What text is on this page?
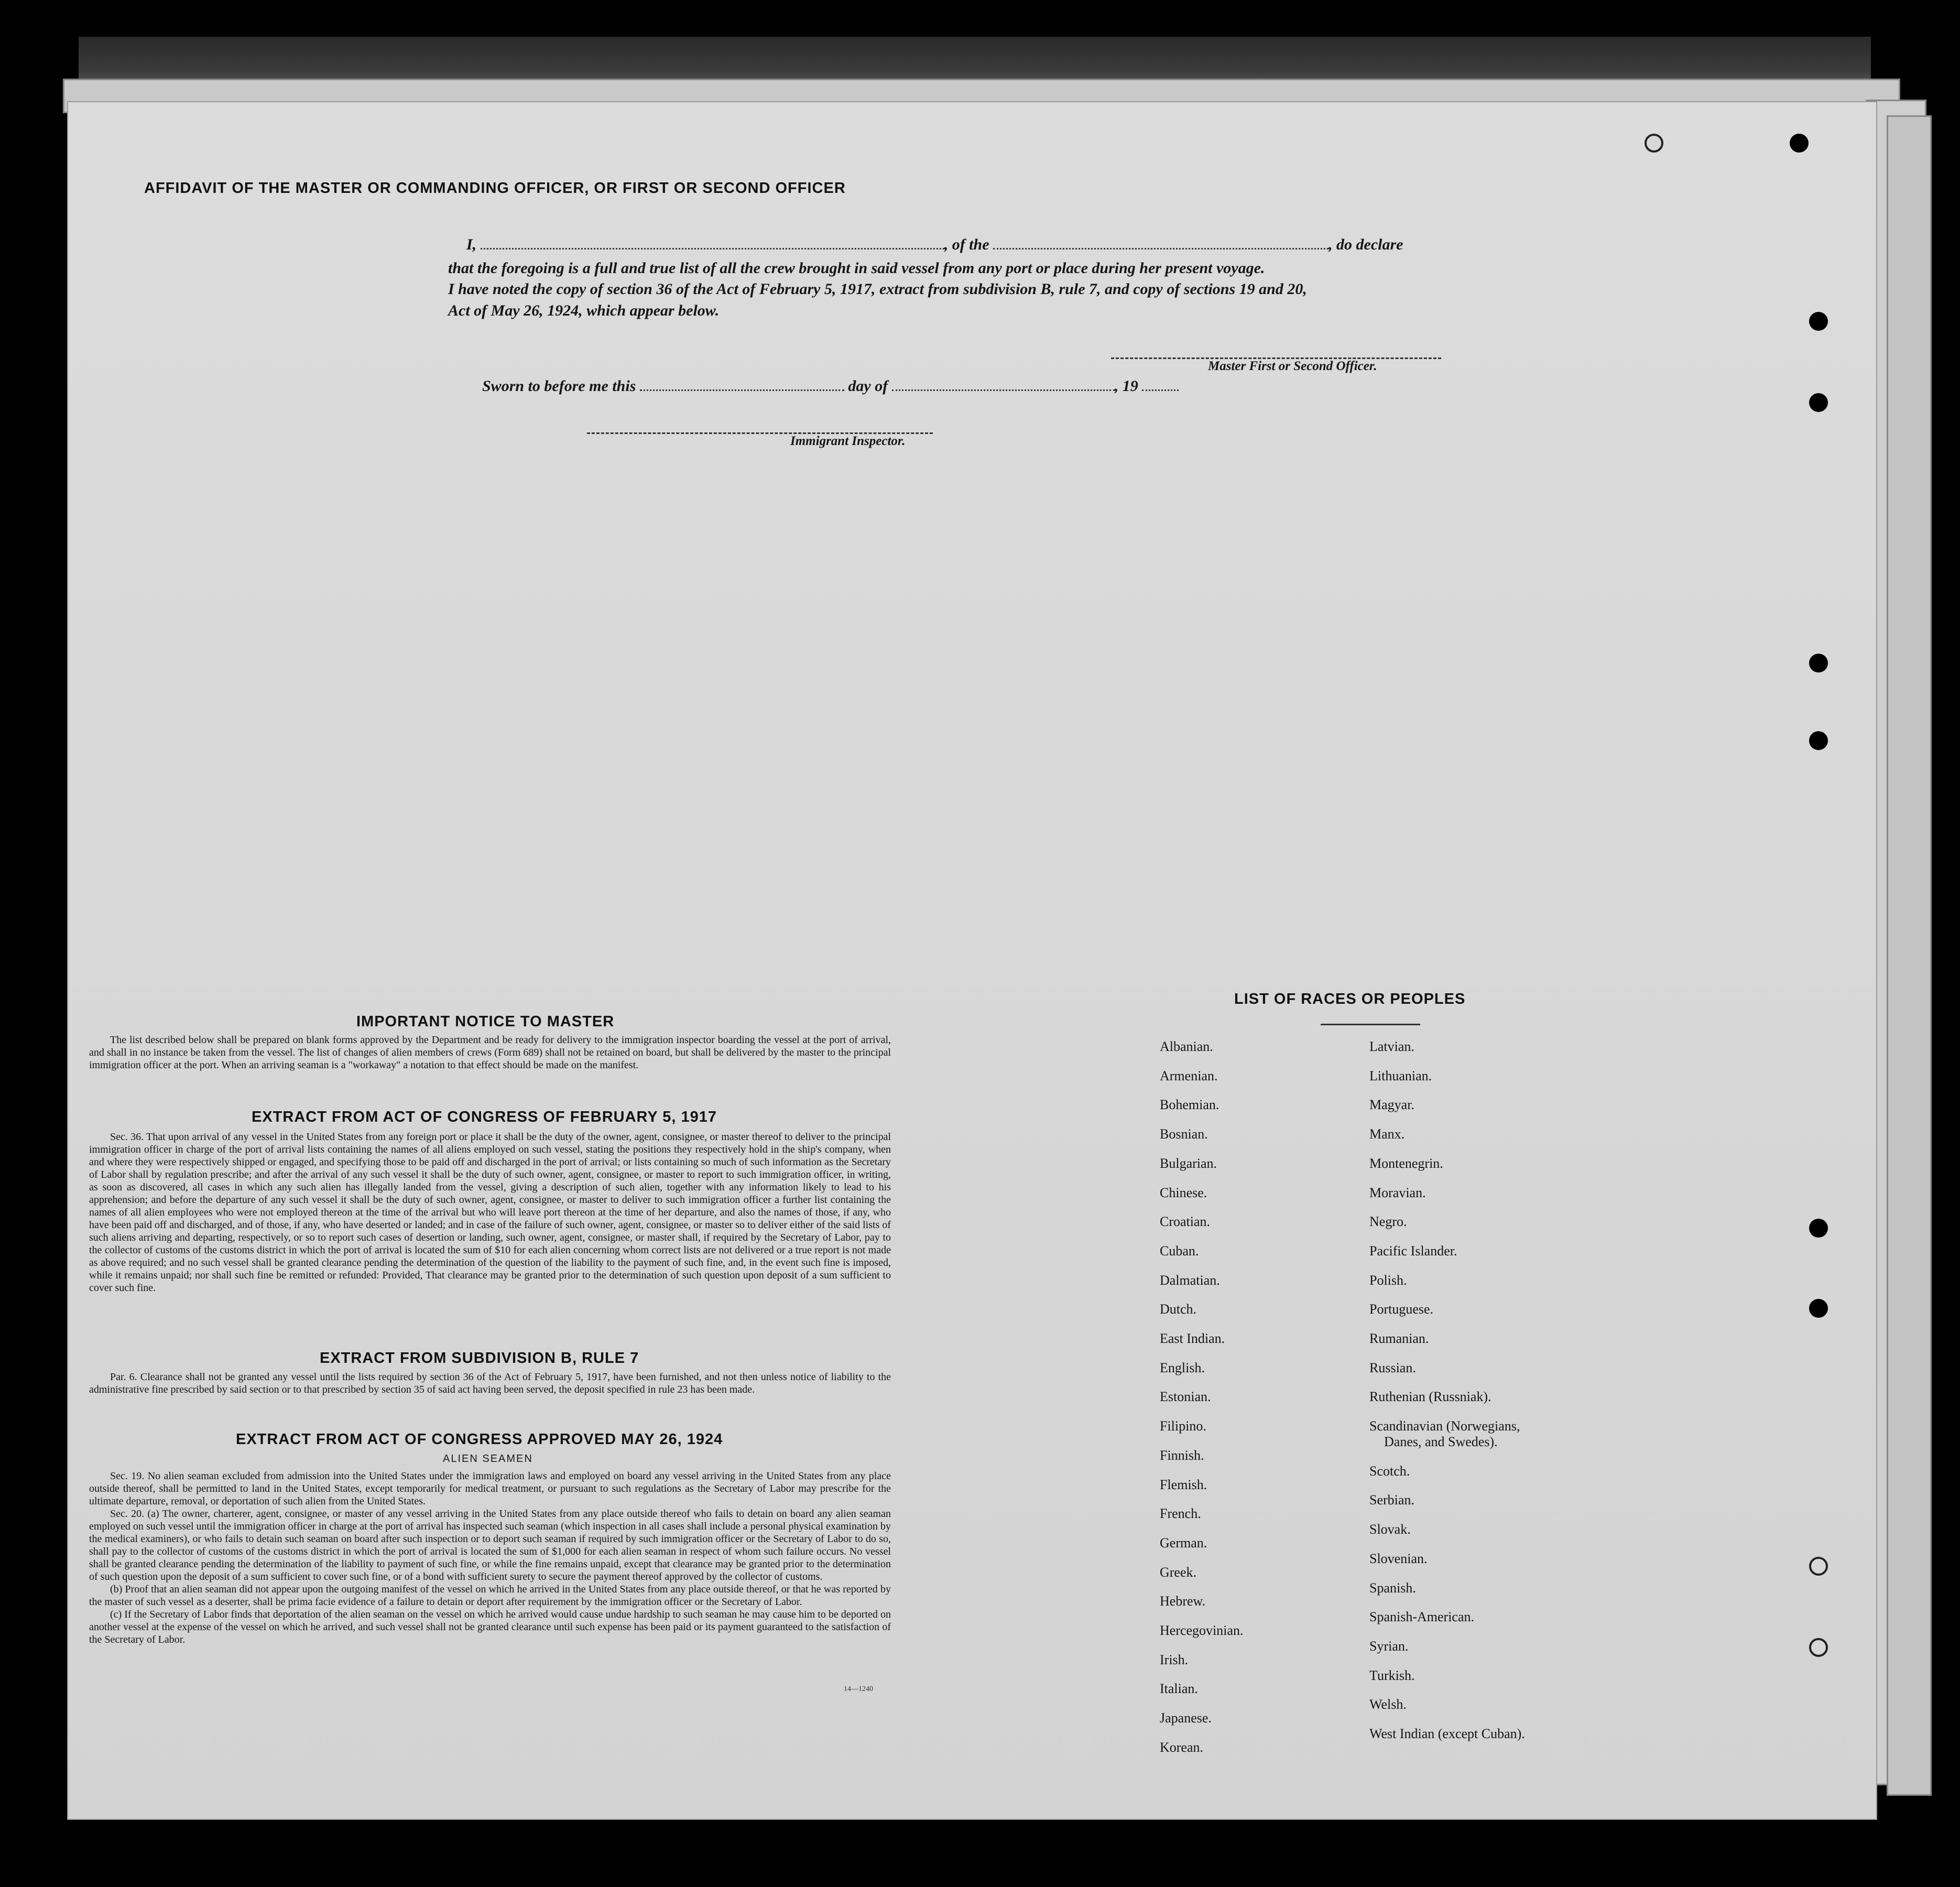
AFFIDAVIT OF THE MASTER OR COMMANDING OFFICER, OR FIRST OR SECOND OFFICER
I,	, of the	, do declare
that the foregoing is a full and true list of all the crew brought in said vessel from any port or place during her present voyage.
I have noted the copy of section 36 of the Act of February 5, 1917, extract from subdivision B, rule 7, and copy of sections 19 and 20,
Act of May 26, 1924, which appear below.
Master First or Second Officer.
Sworn to before me this	day of	, 19
Immigrant Inspector.
IMPORTANT NOTICE TO MASTER

The list described below shall be prepared on blank forms approved by the Department and be ready for delivery to the immigration inspector boarding the vessel at the port of arrival, and shall in no instance be taken from the vessel. The list of changes of alien members of crews (Form 689) shall not be retained on board, but shall be delivered by the master to the principal immigration officer at the port. When an arriving seaman is a "workaway" a notation to that effect should be made on the manifest.

EXTRACT FROM ACT OF CONGRESS OF FEBRUARY 5, 1917

Sec. 36. That upon arrival of any vessel in the United States from any foreign port or place it shall be the duty of the owner, agent, consignee, or master thereof to deliver to the principal immigration officer in charge of the port of arrival lists containing the names of all aliens employed on such vessel, stating the positions they respectively hold in the ship's company, when and where they were respectively shipped or engaged, and specifying those to be paid off and discharged in the port of arrival; or lists containing so much of such information as the Secretary of Labor shall by regulation prescribe; and after the arrival of any such vessel it shall be the duty of such owner, agent, consignee, or master to report to such immigration officer, in writing, as soon as discovered, all cases in which any such alien has illegally landed from the vessel, giving a description of such alien, together with any information likely to lead to his apprehension; and before the departure of any such vessel it shall be the duty of such owner, agent, consignee, or master to deliver to such immigration officer a further list containing the names of all alien employees who were not employed thereon at the time of the arrival but who will leave port thereon at the time of her departure, and also the names of those, if any, who have been paid off and discharged, and of those, if any, who have deserted or landed; and in case of the failure of such owner, agent, consignee, or master so to deliver either of the said lists of such aliens arriving and departing, respectively, or so to report such cases of desertion or landing, such owner, agent, consignee, or master shall, if required by the Secretary of Labor, pay to the collector of customs of the customs district in which the port of arrival is located the sum of $10 for each alien concerning whom correct lists are not delivered or a true report is not made as above required; and no such vessel shall be granted clearance pending the determination of the question of the liability to the payment of such fine, and, in the event such fine is imposed, while it remains unpaid; nor shall such fine be remitted or refunded: Provided, That clearance may be granted prior to the determination of such question upon deposit of a sum sufficient to cover such fine.

EXTRACT FROM SUBDIVISION B, RULE 7

Par. 6. Clearance shall not be granted any vessel until the lists required by section 36 of the Act of February 5, 1917, have been furnished, and not then unless notice of liability to the administrative fine prescribed by said section or to that prescribed by section 35 of said act having been served, the deposit specified in rule 23 has been made.

EXTRACT FROM ACT OF CONGRESS APPROVED MAY 26, 1924
ALIEN SEAMEN

Sec. 19. No alien seaman excluded from admission into the United States under the immigration laws and employed on board any vessel arriving in the United States from any place outside thereof, shall be permitted to land in the United States, except temporarily for medical treatment, or pursuant to such regulations as the Secretary of Labor may prescribe for the ultimate departure, removal, or deportation of such alien from the United States.

Sec. 20. (a) The owner, charterer, agent, consignee, or master of any vessel arriving in the United States from any place outside thereof who fails to detain on board any alien seaman employed on such vessel until the immigration officer in charge at the port of arrival has inspected such seaman (which inspection in all cases shall include a personal physical examination by the medical examiners), or who fails to detain such seaman on board after such inspection or to deport such seaman if required by such immigration officer or the Secretary of Labor to do so, shall pay to the collector of customs of the customs district in which the port of arrival is located the sum of $1,000 for each alien seaman in respect of whom such failure occurs. No vessel shall be granted clearance pending the determination of the liability to payment of such fine, or while the fine remains unpaid, except that clearance may be granted prior to the determination of such question upon the deposit of a sum sufficient to cover such fine, or of a bond with sufficient surety to secure the payment thereof approved by the collector of customs.

(b) Proof that an alien seaman did not appear upon the outgoing manifest of the vessel on which he arrived in the United States from any place outside thereof, or that he was reported by the master of such vessel as a deserter, shall be prima facie evidence of a failure to detain or deport after requirement by the immigration officer or the Secretary of Labor.

(c) If the Secretary of Labor finds that deportation of the alien seaman on the vessel on which he arrived would cause undue hardship to such seaman he may cause him to be deported on another vessel at the expense of the vessel on which he arrived, and such vessel shall not be granted clearance until such expense has been paid or its payment guaranteed to the satisfaction of the Secretary of Labor.

14—1240
LIST OF RACES OR PEOPLES
Albanian.
Armenian.
Bohemian.
Bosnian.
Bulgarian.
Chinese.
Croatian.
Cuban.
Dalmatian.
Dutch.
East Indian.
English.
Estonian.
Filipino.
Finnish.
Flemish.
French.
German.
Greek.
Hebrew.
Hercegovinian.
Irish.
Italian.
Japanese.
Korean.
Latvian.
Lithuanian.
Magyar.
Manx.
Montenegrin.
Moravian.
Negro.
Pacific Islander.
Polish.
Portuguese.
Rumanian.
Russian.
Ruthenian (Russniak).
Scandinavian (Norwegians,
Danes, and Swedes).
Scotch.
Serbian.
Slovak.
Slovenian.
Spanish.
Spanish-American.
Syrian.
Turkish.
Welsh.
West Indian (except Cuban).
